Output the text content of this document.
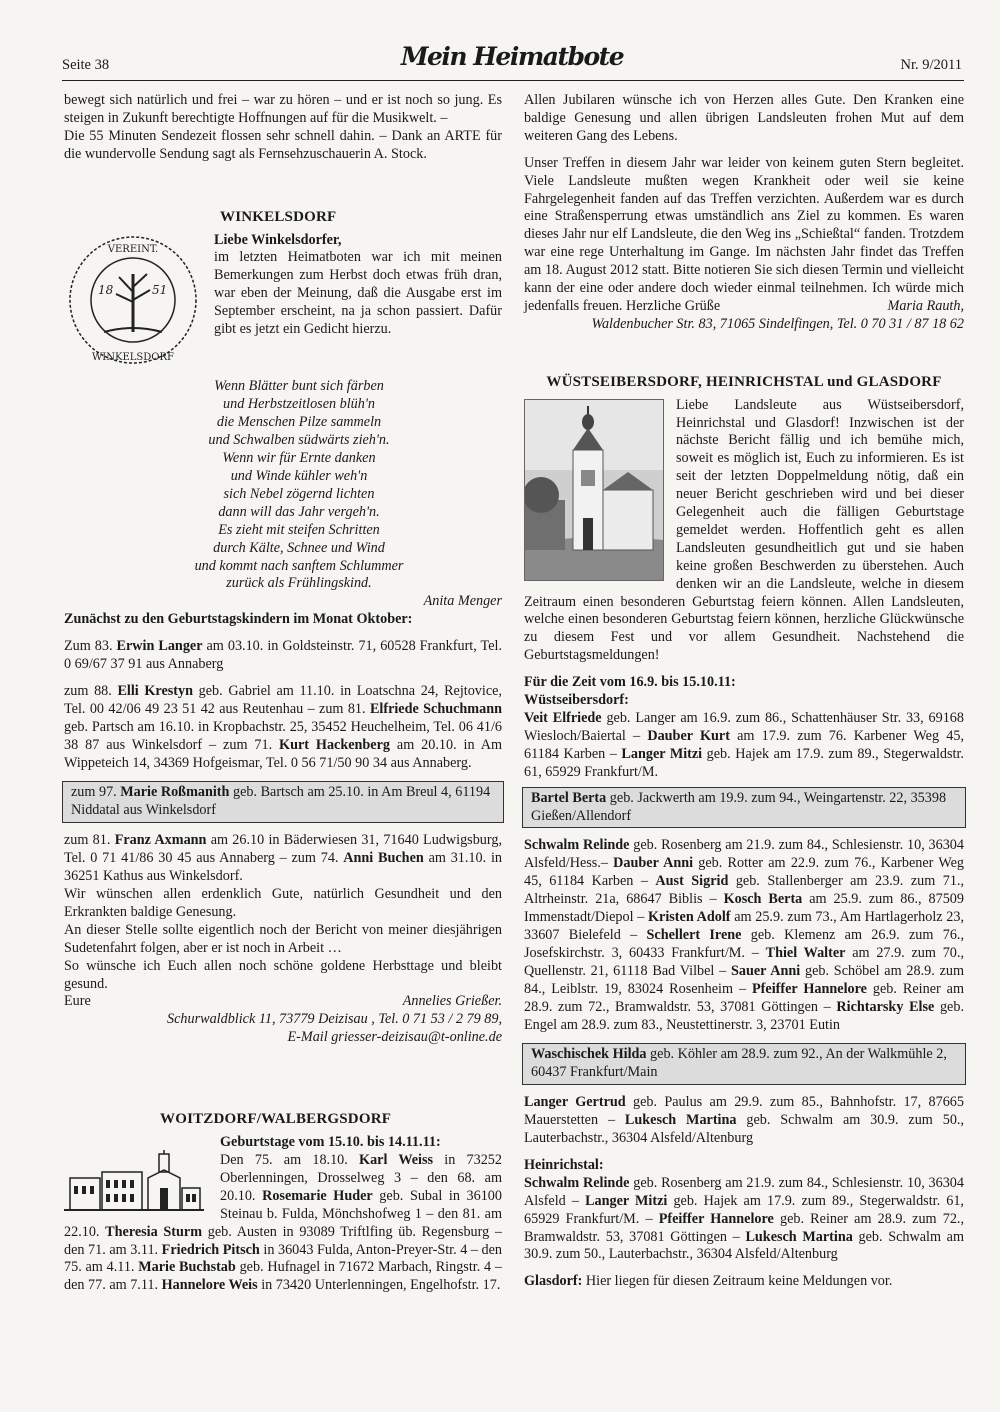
Seite 38	Mein Heimatbote	Nr. 9/2011

bewegt sich natürlich und frei – war zu hören – und er ist noch so jung. Es steigen in Zukunft berechtigte Hoffnungen auf für die Musikwelt. –

Die 55 Minuten Sendezeit flossen sehr schnell dahin. – Dank an ARTE für die wundervolle Sendung sagt als Fernsehzuschauerin A. Stock.

WINKELSDORF
18	51
VEREINT.
WINKELSDORF

Liebe Winkelsdorfer,

im letzten Heimatboten war ich mit meinen Bemerkungen zum Herbst doch etwas früh dran, war eben der Meinung, daß die Ausgabe erst im September erscheint, na ja schon passiert. Dafür gibt es jetzt ein Gedicht hierzu.

Wenn Blätter bunt sich färben
und Herbstzeitlosen blüh'n
die Menschen Pilze sammeln
und Schwalben südwärts zieh'n.
Wenn wir für Ernte danken
und Winde kühler weh'n
sich Nebel zögernd lichten
dann will das Jahr vergeh'n.
Es zieht mit steifen Schritten
durch Kälte, Schnee und Wind
und kommt nach sanftem Schlummer
zurück als Frühlingskind.
Anita Menger

Zunächst zu den Geburtstagskindern im Monat Oktober:

Zum 83. Erwin Langer am 03.10. in Goldsteinstr. 71, 60528 Frankfurt, Tel. 0 69/67 37 91 aus Annaberg

zum 88. Elli Krestyn geb. Gabriel am 11.10. in Loatschna 24, Rejtovice, Tel. 00 42/06 49 23 51 42 aus Reutenhau – zum 81. Elfriede Schuchmann geb. Partsch am 16.10. in Kropbachstr. 25, 35452 Heuchelheim, Tel. 06 41/6 38 87 aus Winkelsdorf – zum 71. Kurt Hackenberg am 20.10. in Am Wippeteich 14, 34369 Hofgeismar, Tel. 0 56 71/50 90 34 aus Annaberg.

zum 97. Marie Roßmanith geb. Bartsch am 25.10. in Am Breul 4, 61194 Niddatal aus Winkelsdorf

zum 81. Franz Axmann am 26.10 in Bäderwiesen 31, 71640 Ludwigsburg, Tel. 0 71 41/86 30 45 aus Annaberg – zum 74. Anni Buchen am 31.10. in 36251 Kathus aus Winkelsdorf.

Wir wünschen allen erdenklich Gute, natürlich Gesundheit und den Erkrankten baldige Genesung.

An dieser Stelle sollte eigentlich noch der Bericht von meiner diesjährigen Sudetenfahrt folgen, aber er ist noch in Arbeit …

So wünsche ich Euch allen noch schöne goldene Herbsttage und bleibt gesund.

Eure	Annelies Grießer.
Schurwaldblick 11, 73779 Deizisau , Tel. 0 71 53 / 2 79 89,
E-Mail griesser-deizisau@t-online.de
WOITZDORF/WALBERGSDORF

Geburtstage vom 15.10. bis 14.11.11:

Den 75. am 18.10. Karl Weiss in 73252 Oberlenningen, Drosselweg 3 – den 68. am 20.10. Rosemarie Huder geb. Subal in 36100 Steinau b. Fulda, Mönchshofweg 1 – den 81. am 22.10. Theresia Sturm geb. Austen in 93089 Triftlfing üb. Regensburg – den 71. am 3.11. Friedrich Pitsch in 36043 Fulda, Anton-Preyer-Str. 4 – den 75. am 4.11. Marie Buchstab geb. Hufnagel in 71672 Marbach, Ringstr. 4 – den 77. am 7.11. Hannelore Weis in 73420 Unterlenningen, Engelhofstr. 17.

Allen Jubilaren wünsche ich von Herzen alles Gute. Den Kranken eine baldige Genesung und allen übrigen Landsleuten frohen Mut auf dem weiteren Gang des Lebens.

Unser Treffen in diesem Jahr war leider von keinem guten Stern begleitet. Viele Landsleute mußten wegen Krankheit oder weil sie keine Fahrgelegenheit fanden auf das Treffen verzichten. Außerdem war es durch eine Straßensperrung etwas umständlich ans Ziel zu kommen. Es waren dieses Jahr nur elf Landsleute, die den Weg ins „Schießtal“ fanden. Trotzdem war eine rege Unterhaltung im Gange. Im nächsten Jahr findet das Treffen am 18. August 2012 statt. Bitte notieren Sie sich diesen Termin und vielleicht kann der eine oder andere doch wieder einmal teilnehmen. Ich würde mich jedenfalls freuen. Herzliche Grüße	Maria Rauth,
Waldenbucher Str. 83, 71065 Sindelfingen, Tel. 0 70 31 / 87 18 62
WÜSTSEIBERSDORF, HEINRICHSTAL und GLASDORF

Liebe Landsleute aus Wüstseibersdorf, Heinrichstal und Glasdorf! Inzwischen ist der nächste Bericht fällig und ich bemühe mich, soweit es möglich ist, Euch zu informieren. Es ist seit der letzten Doppelmeldung nötig, daß ein neuer Bericht geschrieben wird und bei dieser Gelegenheit auch die fälligen Geburtstage gemeldet werden. Hoffentlich geht es allen Landsleuten gesundheitlich gut und sie haben keine großen Beschwerden zu überstehen. Auch denken wir an die Landsleute, welche in diesem Zeitraum einen besonderen Geburtstag feiern können. Allen Landsleuten, welche einen besonderen Geburtstag feiern können, herzliche Glückwünsche zu diesem Fest und vor allem Gesundheit. Nachstehend die Geburtstagsmeldungen!

Für die Zeit vom 16.9. bis 15.10.11:

Wüstseibersdorf:

Veit Elfriede geb. Langer am 16.9. zum 86., Schattenhäuser Str. 33, 69168 Wiesloch/Baiertal – Dauber Kurt am 17.9. zum 76. Karbener Weg 45, 61184 Karben – Langer Mitzi geb. Hajek am 17.9. zum 89., Stegerwaldstr. 61, 65929 Frankfurt/M.

Bartel Berta geb. Jackwerth am 19.9. zum 94., Weingartenstr. 22, 35398 Gießen/Allendorf

Schwalm Relinde geb. Rosenberg am 21.9. zum 84., Schlesienstr. 10, 36304 Alsfeld/Hess.– Dauber Anni geb. Rotter am 22.9. zum 76., Karbener Weg 45, 61184 Karben – Aust Sigrid geb. Stallenberger am 23.9. zum 71., Altrheinstr. 21a, 68647 Biblis – Kosch Berta am 25.9. zum 86., 87509 Immenstadt/Diepol – Kristen Adolf am 25.9. zum 73., Am Hartlagerholz 23, 33607 Bielefeld – Schellert Irene geb. Klemenz am 26.9. zum 76., Josefskirchstr. 3, 60433 Frankfurt/M. – Thiel Walter am 27.9. zum 70., Quellenstr. 21, 61118 Bad Vilbel – Sauer Anni geb. Schöbel am 28.9. zum 84., Leiblstr. 19, 83024 Rosenheim – Pfeiffer Hannelore geb. Reiner am 28.9. zum 72., Bramwaldstr. 53, 37081 Göttingen – Richtarsky Else geb. Engel am 28.9. zum 83., Neustettinerstr. 3, 23701 Eutin

Waschischek Hilda geb. Köhler am 28.9. zum 92., An der Walkmühle 2, 60437 Frankfurt/Main

Langer Gertrud geb. Paulus am 29.9. zum 85., Bahnhofstr. 17, 87665 Mauerstetten – Lukesch Martina geb. Schwalm am 30.9. zum 50., Lauterbachstr., 36304 Alsfeld/Altenburg

Heinrichstal:

Schwalm Relinde geb. Rosenberg am 21.9. zum 84., Schlesienstr. 10, 36304 Alsfeld – Langer Mitzi geb. Hajek am 17.9. zum 89., Stegerwaldstr. 61, 65929 Frankfurt/M. – Pfeiffer Hannelore geb. Reiner am 28.9. zum 72., Bramwaldstr. 53, 37081 Göttingen – Lukesch Martina geb. Schwalm am 30.9. zum 50., Lauterbachstr., 36304 Alsfeld/Altenburg

Glasdorf: Hier liegen für diesen Zeitraum keine Meldungen vor.
